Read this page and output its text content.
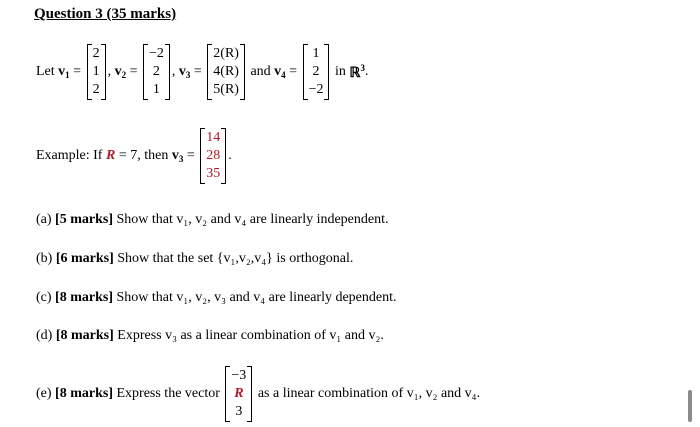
Question 3 (35 marks)
Let
$v_1$ =
2
1
2
, $v_2$ =
−2
2
1
, $v_3$ =
2(R)
4(R)
5(R)

and
$v_4$ =
1
2
−2

in
ℝ$^3$ .
Example: If
R
= 7, then
$v_3$ =
14
28
35
.
(a) [5 marks] Show that v₁, v₂ and v₄ are linearly independent.
(b) [6 marks] Show that the set {v₁,v₂,v₄} is orthogonal.
(c) [8 marks] Show that v₁, v₂, v₃ and v₄ are linearly dependent.
(d) [8 marks] Express v₃ as a linear combination of v₁ and v₂.
(e)
[8 marks]
Express the vector

−3
R
3

as a linear combination of v₁, v₂ and v₄.
